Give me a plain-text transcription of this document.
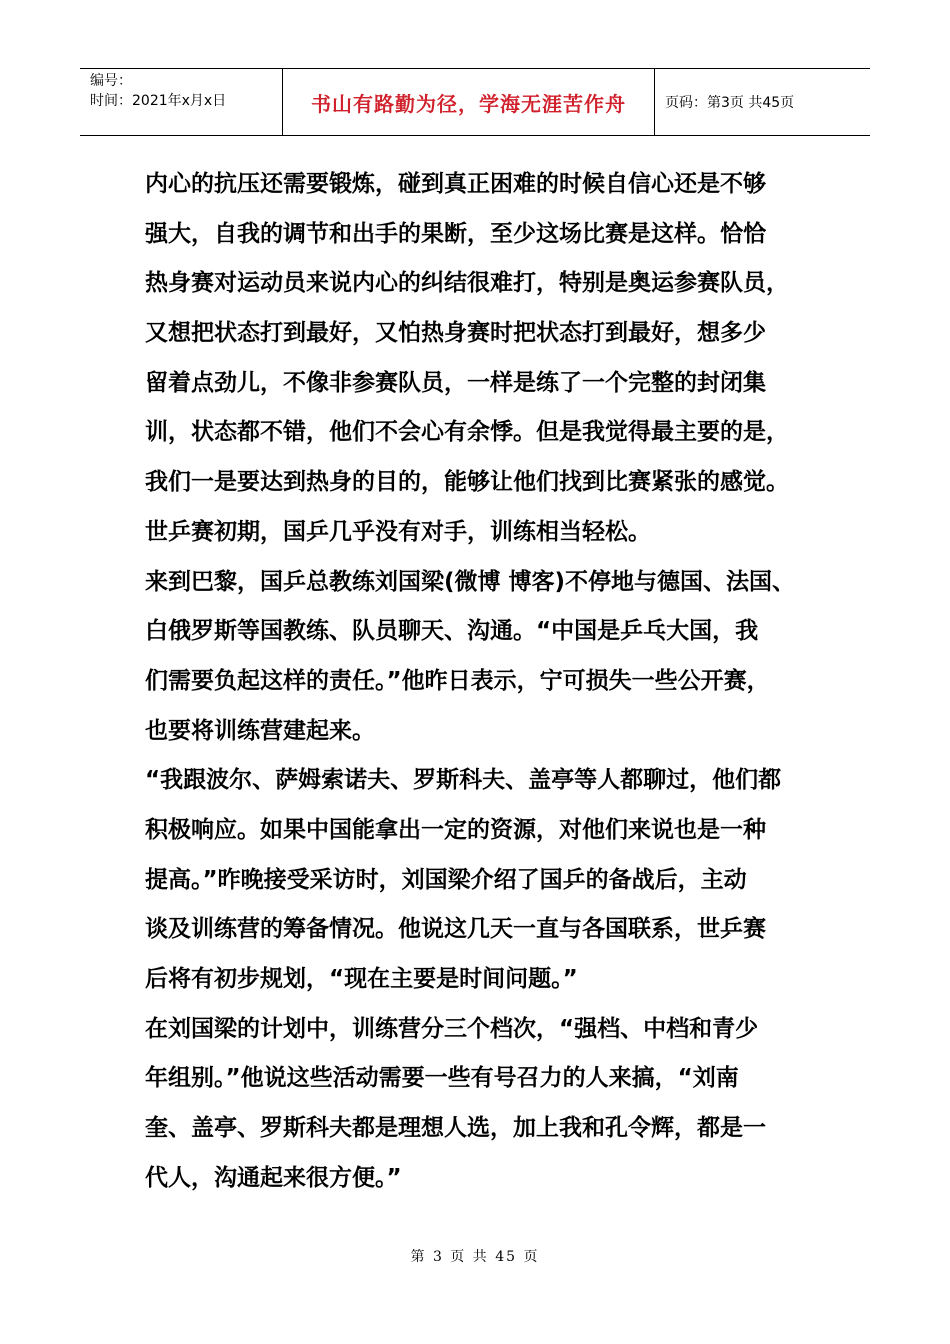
编号：
时间：2021年x月x日	书山有路勤为径，学海无涯苦作舟	页码：第3页 共45页
内心的抗压还需要锻炼，碰到真正困难的时候自信心还是不够
强大，自我的调节和出手的果断，至少这场比赛是这样。恰恰
热身赛对运动员来说内心的纠结很难打，特别是奥运参赛队员，
又想把状态打到最好，又怕热身赛时把状态打到最好，想多少
留着点劲儿，不像非参赛队员，一样是练了一个完整的封闭集
训，状态都不错，他们不会心有余悸。但是我觉得最主要的是，
我们一是要达到热身的目的，能够让他们找到比赛紧张的感觉。
世乒赛初期，国乒几乎没有对手，训练相当轻松。
来到巴黎，国乒总教练刘国梁(微博 博客)不停地与德国、法国、
白俄罗斯等国教练、队员聊天、沟通。“中国是乒乓大国，我
们需要负起这样的责任。”他昨日表示，宁可损失一些公开赛，
也要将训练营建起来。
“我跟波尔、萨姆索诺夫、罗斯科夫、盖亭等人都聊过，他们都
积极响应。如果中国能拿出一定的资源，对他们来说也是一种
提高。”昨晚接受采访时，刘国梁介绍了国乒的备战后，主动
谈及训练营的筹备情况。他说这几天一直与各国联系，世乒赛
后将有初步规划，“现在主要是时间问题。”
在刘国梁的计划中，训练营分三个档次，“强档、中档和青少
年组别。”他说这些活动需要一些有号召力的人来搞，“刘南
奎、盖亭、罗斯科夫都是理想人选，加上我和孔令辉，都是一
代人，沟通起来很方便。”
第 3 页 共 45 页
